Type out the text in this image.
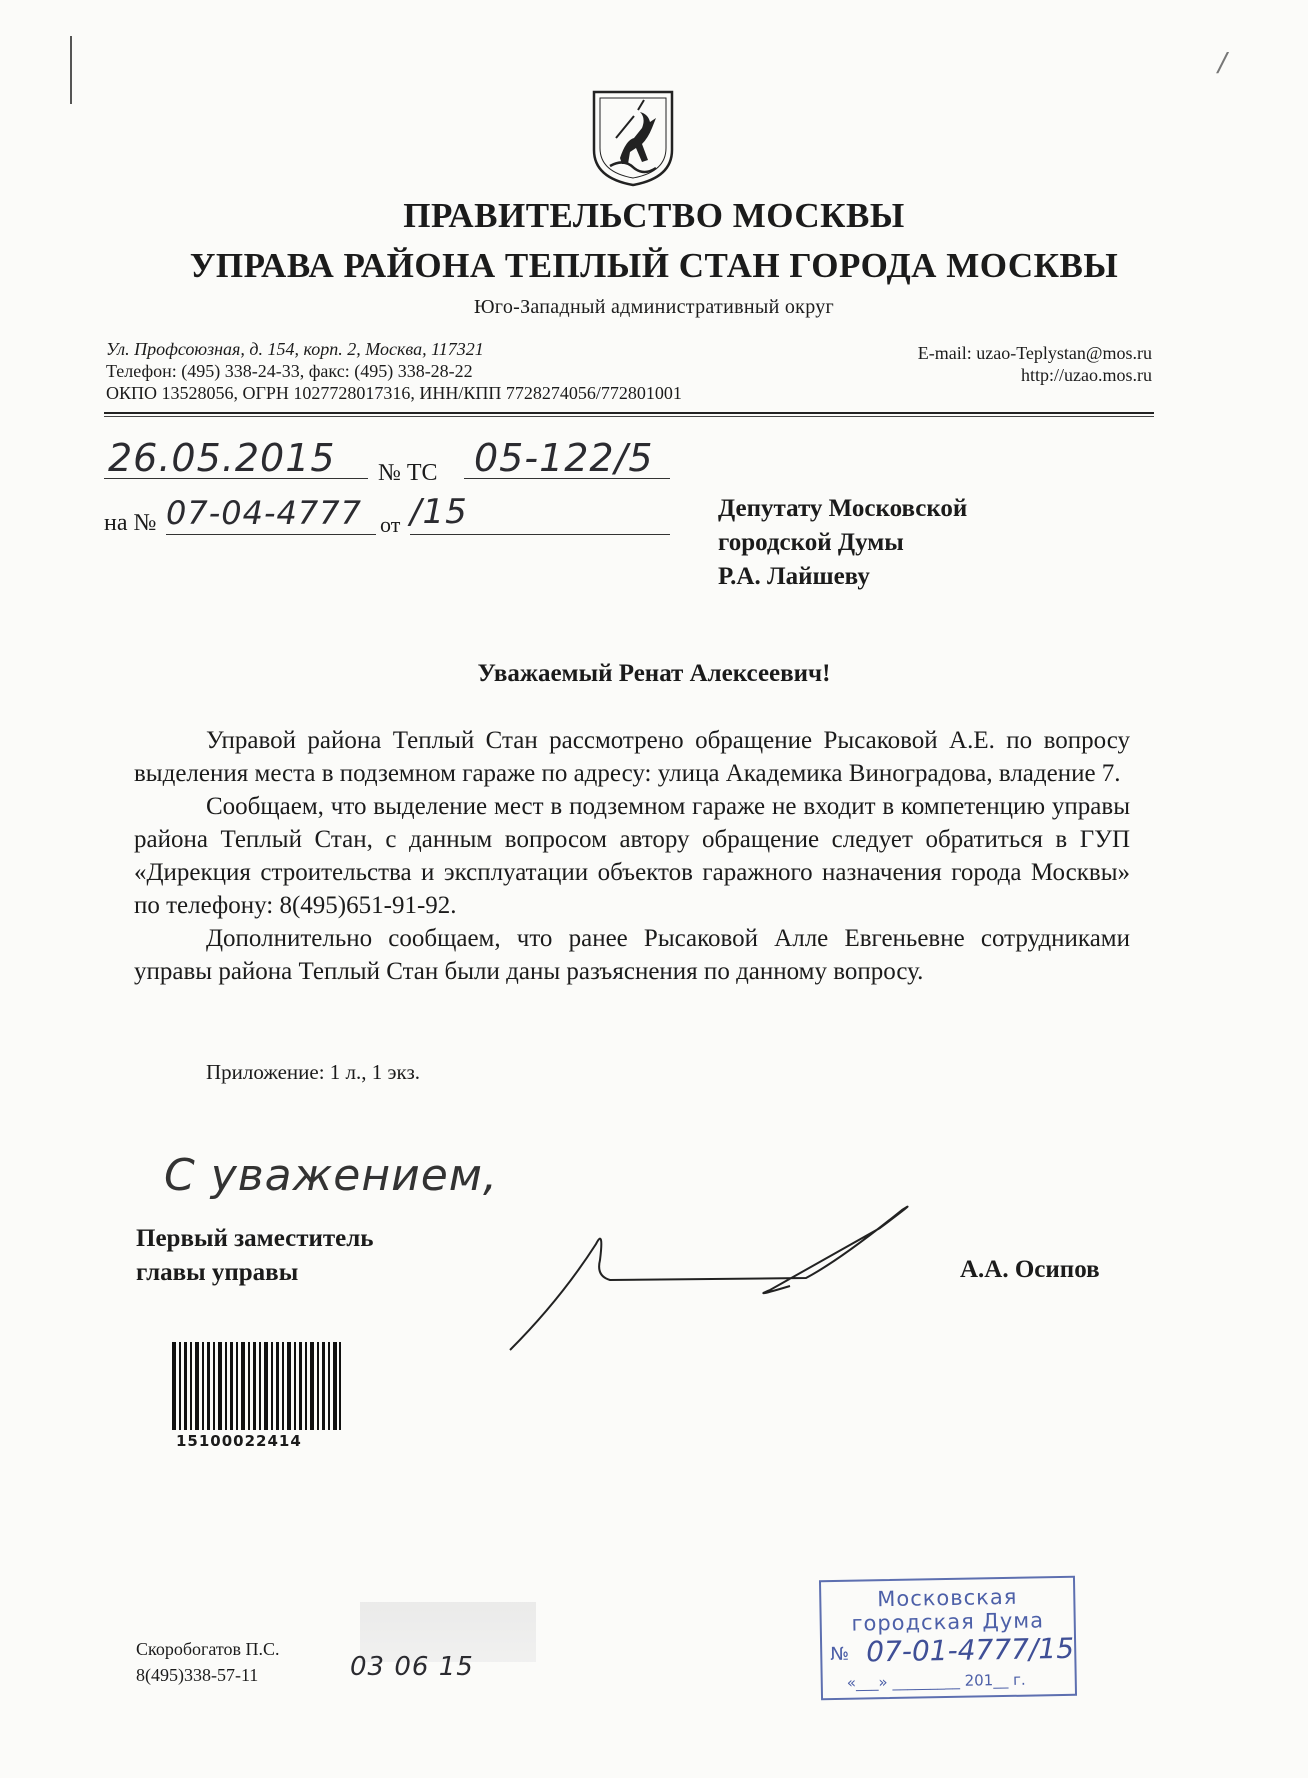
/
ПРАВИТЕЛЬСТВО МОСКВЫ
УПРАВА РАЙОНА ТЕПЛЫЙ СТАН ГОРОДА МОСКВЫ
Юго-Западный административный округ
Ул. Профсоюзная, д. 154, корп. 2, Москва, 117321
Телефон: (495) 338-24-33, факс: (495) 338-28-22
ОКПО 13528056, ОГРН 1027728017316, ИНН/КПП 7728274056/772801001
E-mail: uzao-Teplystan@mos.ru
http://uzao.mos.ru
26.05.2015 № ТС 05-122/5
на № 07-04-4777 от /15	Депутату Московской
городской Думы
Р.А. Лайшеву
Уважаемый Ренат Алексеевич!

Управой района Теплый Стан рассмотрено обращение Рысаковой А.Е. по вопросу выделения места в подземном гараже по адресу: улица Академика Виноградова, владение 7.

Сообщаем, что выделение мест в подземном гараже не входит в компетенцию управы района Теплый Стан, с данным вопросом автору обращение следует обратиться в ГУП «Дирекция строительства и эксплуатации объектов гаражного назначения города Москвы» по телефону: 8(495)651-91-92.

Дополнительно сообщаем, что ранее Рысаковой Алле Евгеньевне сотрудниками управы района Теплый Стан были даны разъяснения по данному вопросу.

Приложение: 1 л., 1 экз.
С уважением,
Первый заместитель
главы управы	А.А. Осипов
15100022414
Скоробогатов П.С.
8(495)338-57-11	03 06 15
Московская
городская Дума
№ 07-01-4777/15
«___» _________ 201__ г.
